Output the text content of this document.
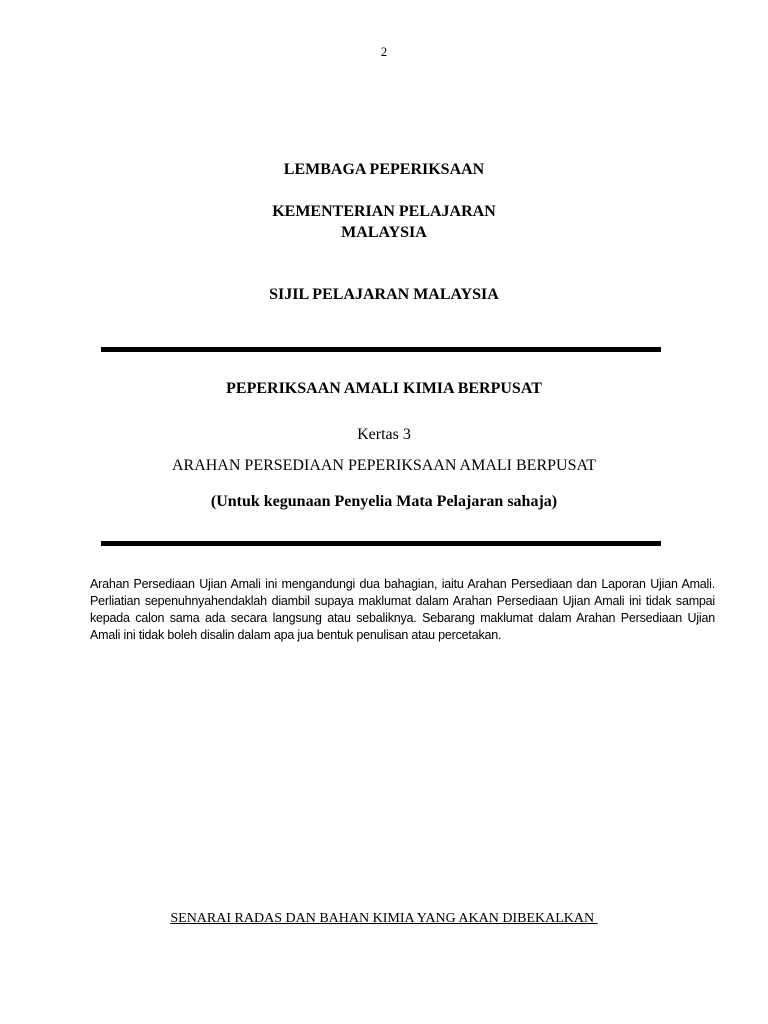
2
LEMBAGA PEPERIKSAAN
KEMENTERIAN PELAJARAN
MALAYSIA
SIJIL PELAJARAN MALAYSIA
PEPERIKSAAN AMALI KIMIA BERPUSAT
Kertas 3
ARAHAN PERSEDIAAN PEPERIKSAAN AMALI BERPUSAT
(Untuk kegunaan Penyelia Mata Pelajaran sahaja)

Arahan Persediaan Ujian Amali ini mengandungi dua bahagian, iaitu Arahan Persediaan dan Laporan Ujian Amali. Perliatian sepenuhnyahendaklah diambil supaya maklumat dalam Arahan Persediaan Ujian Amali ini tidak sampai kepada calon sama ada secara langsung atau sebaliknya. Sebarang maklumat dalam Arahan Persediaan Ujian Amali ini tidak boleh disalin dalam apa jua bentuk penulisan atau percetakan.

SENARAI RADAS DAN BAHAN KIMIA YANG AKAN DIBEKALKAN
